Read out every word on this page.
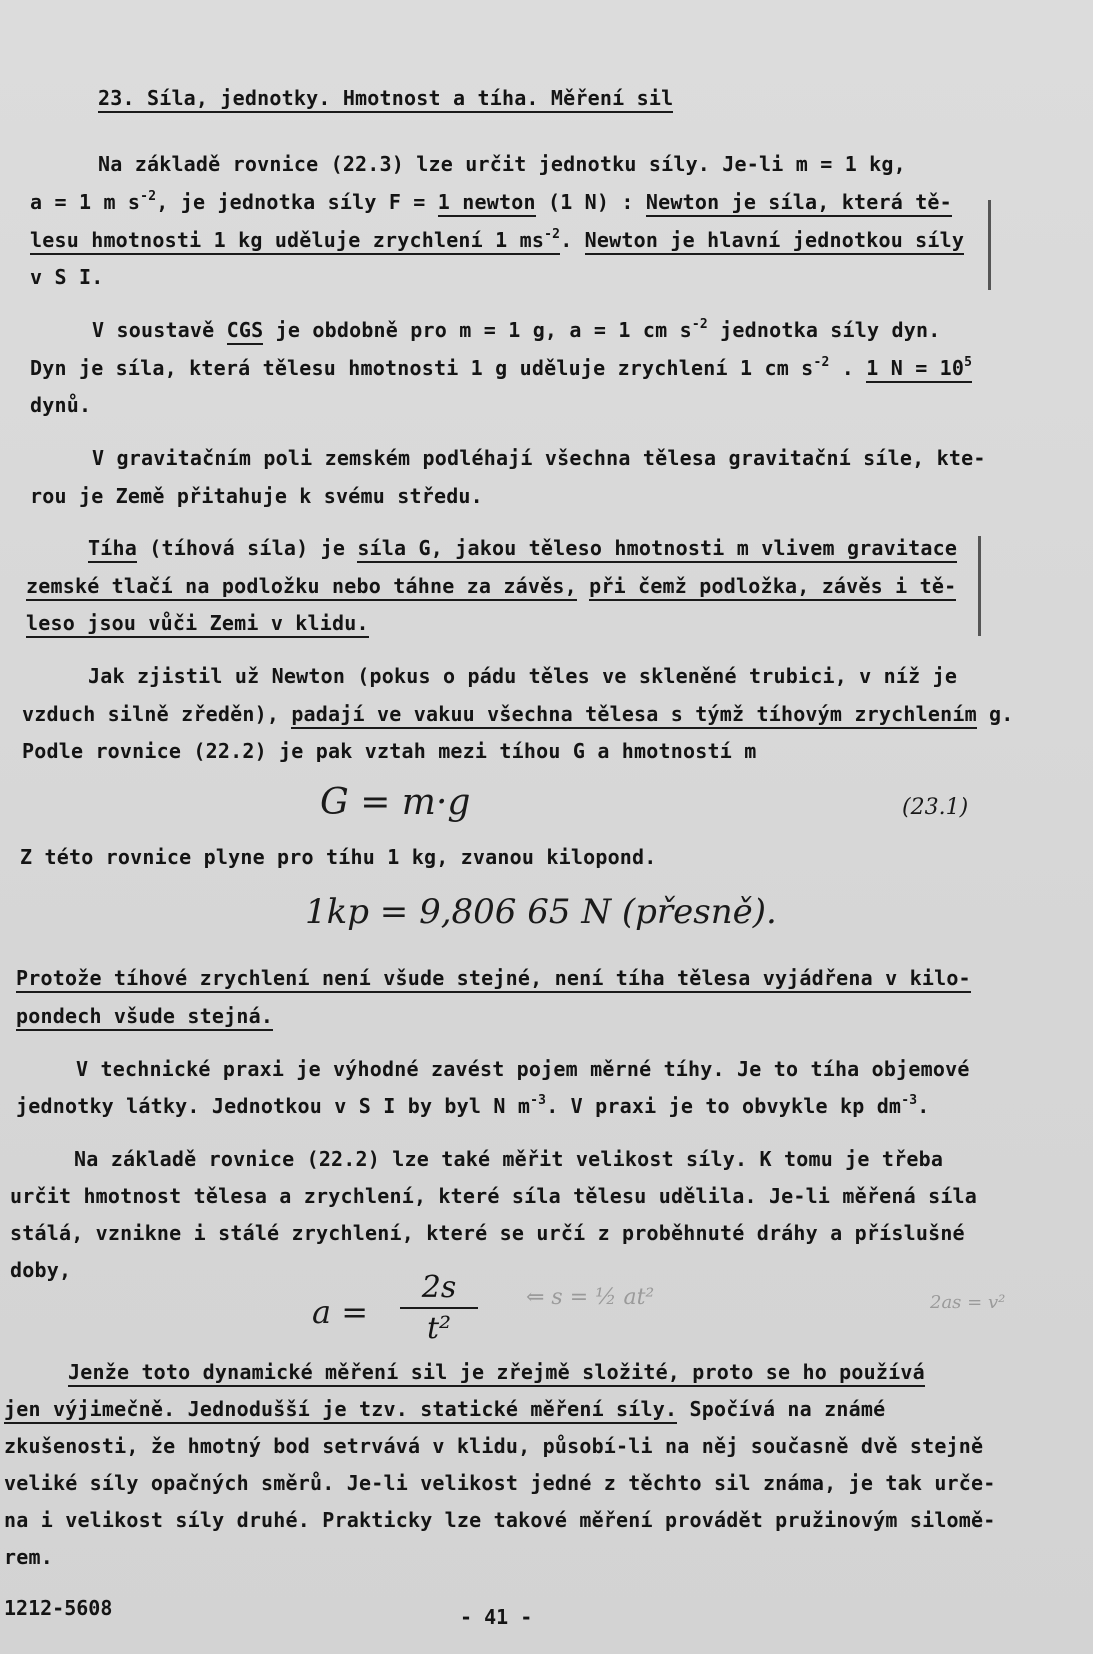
23. Síla, jednotky. Hmotnost a tíha. Měření sil
Na základě rovnice (22.3) lze určit jednotku síly. Je-li m = 1 kg,
a = 1 m $s^{-2}$, je jednotka síly F = 1 newton (1 N) : Newton je síla, která tě-
lesu hmotnosti 1 kg uděluje zrychlení 1 $ms^{-2}$. Newton je hlavní jednotkou síly
v S I.
V soustavě CGS je obdobně pro m = 1 g, a = 1 cm $s^{-2}$ jednotka síly dyn.
Dyn je síla, která tělesu hmotnosti 1 g uděluje zrychlení 1 cm $s^{-2}$ . 1 $N = 10^5$
dynů.
V gravitačním poli zemském podléhají všechna tělesa gravitační síle, kte-
rou je Země přitahuje k svému středu.
Tíha (tíhová síla) je síla G, jakou těleso hmotnosti m vlivem gravitace
zemské tlačí na podložku nebo táhne za závěs, při čemž podložka, závěs i tě-
leso jsou vůči Zemi v klidu.
Jak zjistil už Newton (pokus o pádu těles ve skleněné trubici, v níž je
vzduch silně zředěn), padají ve vakuu všechna tělesa s týmž tíhovým zrychlením g.
Podle rovnice (22.2) je pak vztah mezi tíhou G a hmotností m
G = m·g	(23.1)
Z této rovnice plyne pro tíhu 1 kg, zvanou kilopond.
1kp = 9,806 65 N (přesně).
Protože tíhové zrychlení není všude stejné, není tíha tělesa vyjádřena v kilo-
pondech všude stejná.
V technické praxi je výhodné zavést pojem měrné tíhy. Je to tíha objemové
jednotky látky. Jednotkou v S I by byl N $m^{-3}$. V praxi je to obvykle kp $dm^{-3}$.
Na základě rovnice (22.2) lze také měřit velikost síly. K tomu je třeba
určit hmotnost tělesa a zrychlení, které síla tělesu udělila. Je-li měřená síla
stálá, vznikne i stálé zrychlení, které se určí z proběhnuté dráhy a příslušné
doby,
a =
2s
t²
⇐ s = ½ at²	2as = v²
Jenže toto dynamické měření sil je zřejmě složité, proto se ho používá
jen výjimečně. Jednodušší je tzv. statické měření síly. Spočívá na známé
zkušenosti, že hmotný bod setrvává v klidu, působí-li na něj současně dvě stejně
veliké síly opačných směrů. Je-li velikost jedné z těchto sil známa, je tak urče-
na i velikost síly druhé. Prakticky lze takové měření provádět pružinovým silomě-
rem.
1212-5608	- 41 -
